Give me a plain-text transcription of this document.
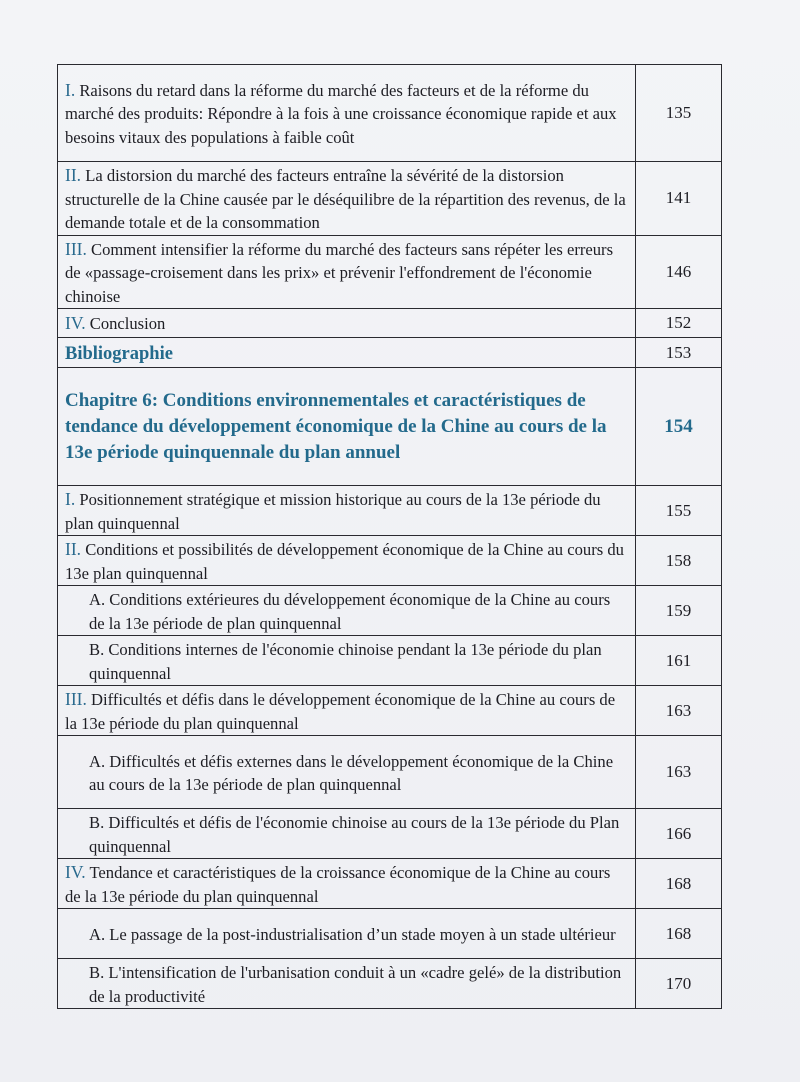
I. Raisons du retard dans la réforme du marché des facteurs et de la réforme du marché des produits: Répondre à la fois à une croissance économique rapide et aux besoins vitaux des populations à faible coût	135
II. La distorsion du marché des facteurs entraîne la sévérité de la distorsion structurelle de la Chine causée par le déséquilibre de la répartition des revenus, de la demande totale et de la consommation	141
III. Comment intensifier la réforme du marché des facteurs sans répéter les erreurs de «passage-croisement dans les prix» et prévenir l'effondrement de l'économie chinoise	146
IV. Conclusion	152
Bibliographie	153
Chapitre 6: Conditions environnementales et caractéristiques de tendance du développement économique de la Chine au cours de la 13e période quinquennale du plan annuel	154
I. Positionnement stratégique et mission historique au cours de la 13e période du plan quinquennal	155
II. Conditions et possibilités de développement économique de la Chine au cours du 13e plan quinquennal	158
A. Conditions extérieures du développement économique de la Chine au cours de la 13e période de plan quinquennal	159
B. Conditions internes de l'économie chinoise pendant la 13e période du plan quinquennal	161
III. Difficultés et défis dans le développement économique de la Chine au cours de la 13e période du plan quinquennal	163
A. Difficultés et défis externes dans le développement économique de la Chine au cours de la 13e période de plan quinquennal	163
B. Difficultés et défis de l'économie chinoise au cours de la 13e période du Plan quinquennal	166
IV. Tendance et caractéristiques de la croissance économique de la Chine au cours de la 13e période du plan quinquennal	168
A. Le passage de la post-industrialisation d’un stade moyen à un stade ultérieur	168
B. L'intensification de l'urbanisation conduit à un «cadre gelé» de la distribution de la productivité	170
